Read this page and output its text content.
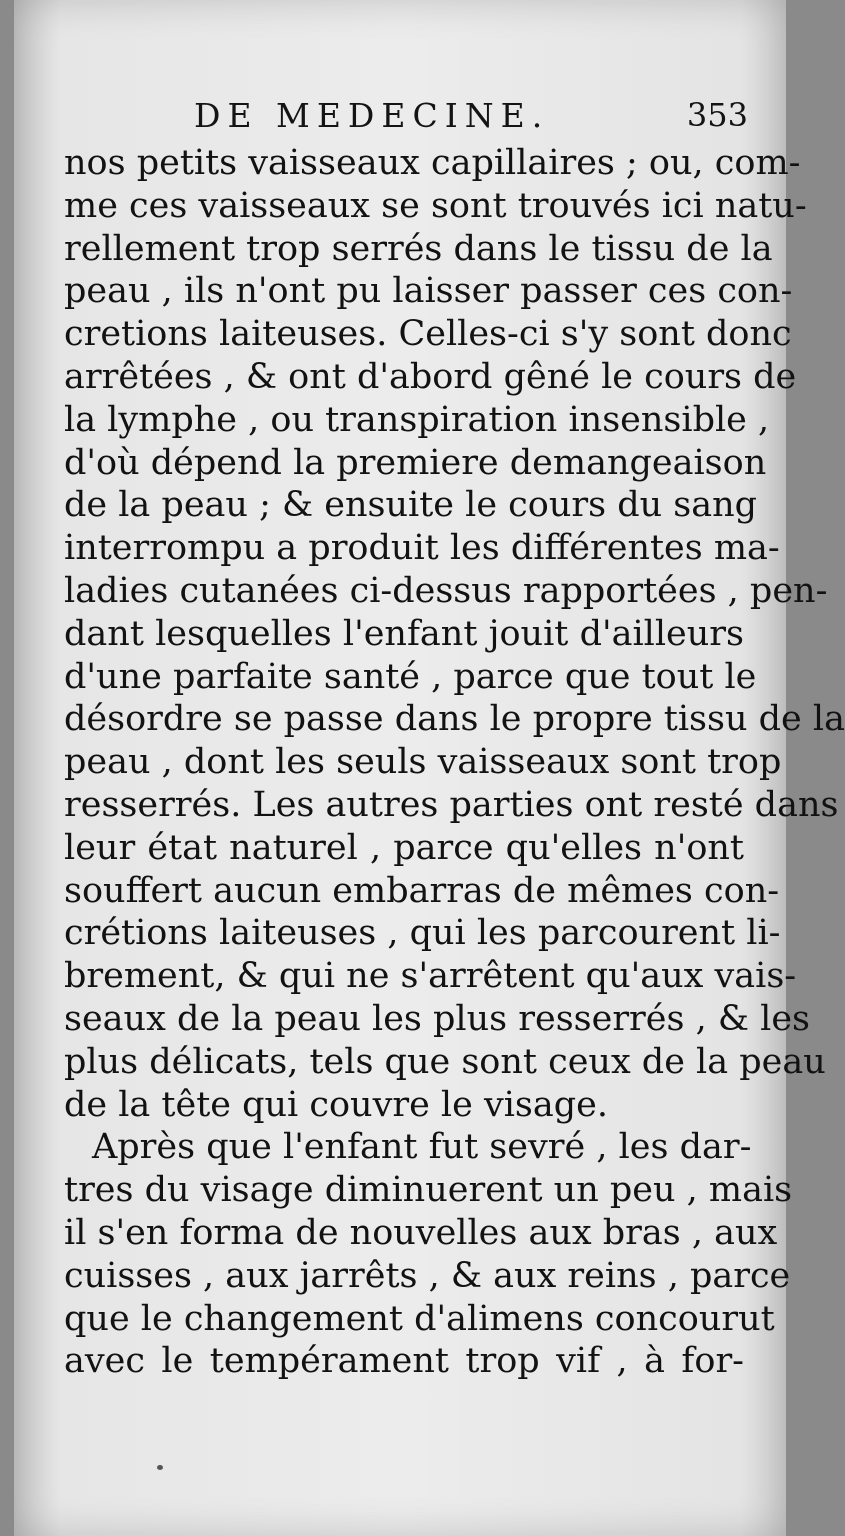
DE MEDECINE.	353
nos petits vaisseaux capillaires ; ou, com-
me ces vaisseaux se sont trouvés ici natu-
rellement trop serrés dans le tissu de la
peau , ils n'ont pu laisser passer ces con-
cretions laiteuses. Celles-ci s'y sont donc
arrêtées , & ont d'abord gêné le cours de
la lymphe , ou transpiration insensible ,
d'où dépend la premiere demangeaison
de la peau ; & ensuite le cours du sang
interrompu a produit les différentes ma-
ladies cutanées ci-dessus rapportées , pen-
dant lesquelles l'enfant jouit d'ailleurs
d'une parfaite santé , parce que tout le
désordre se passe dans le propre tissu de la
peau , dont les seuls vaisseaux sont trop
resserrés. Les autres parties ont resté dans
leur état naturel , parce qu'elles n'ont
souffert aucun embarras de mêmes con-
crétions laiteuses , qui les parcourent li-
brement, & qui ne s'arrêtent qu'aux vais-
seaux de la peau les plus resserrés , & les
plus délicats, tels que sont ceux de la peau
de la tête qui couvre le visage.
Après que l'enfant fut sevré , les dar-
tres du visage diminuerent un peu , mais
il s'en forma de nouvelles aux bras , aux
cuisses , aux jarrêts , & aux reins , parce
que le changement d'alimens concourut
avec le tempérament trop vif , à for-
